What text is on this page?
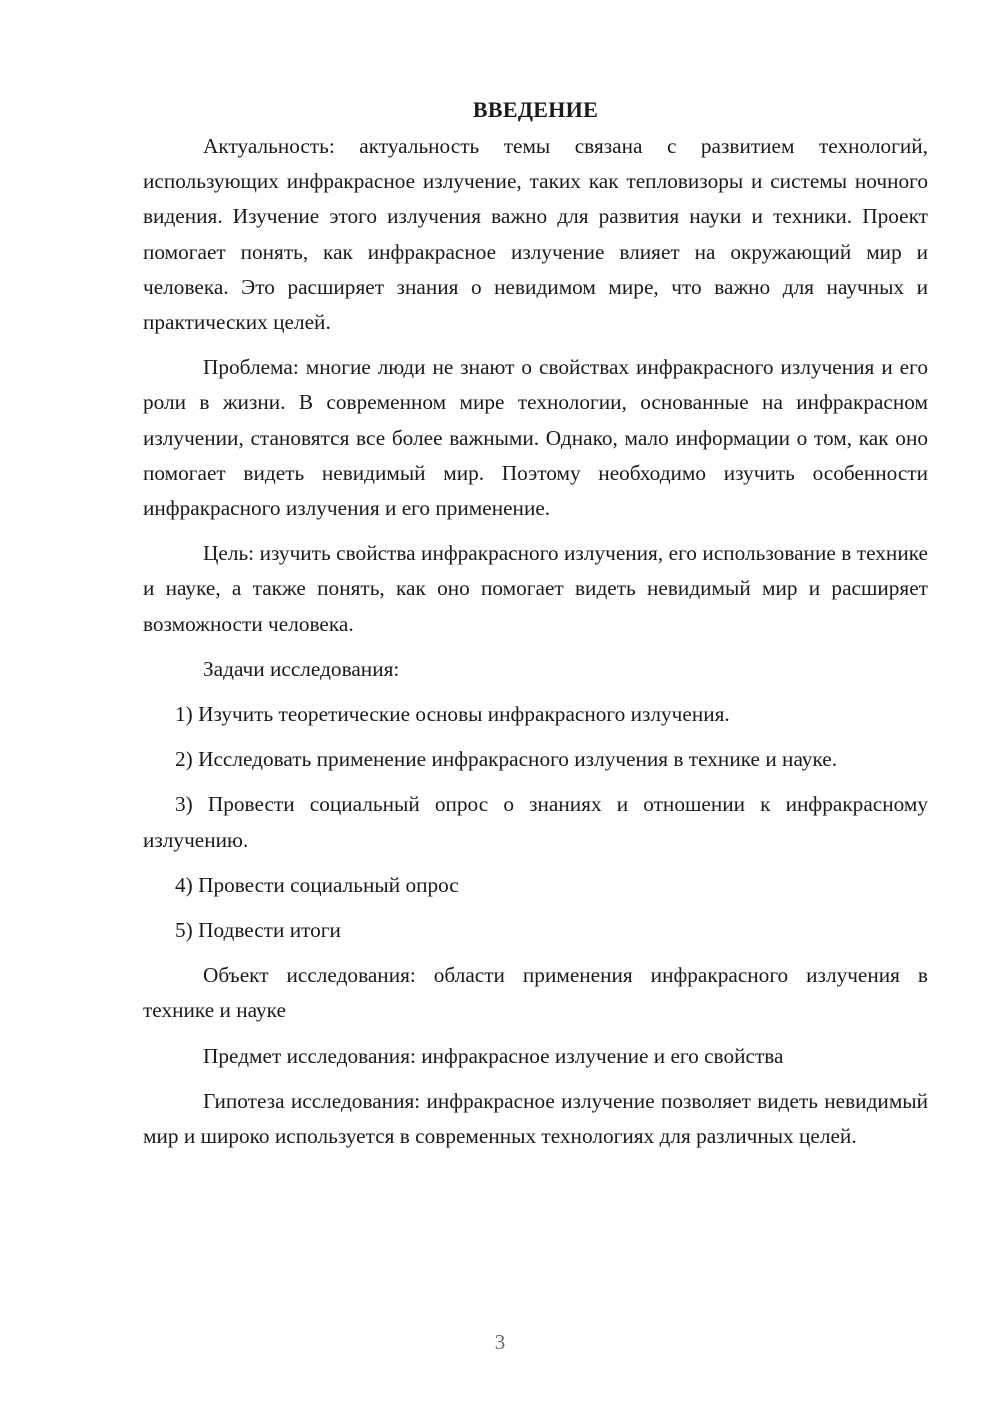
ВВЕДЕНИЕ

Актуальность: актуальность темы связана с развитием технологий, использующих инфракрасное излучение, таких как тепловизоры и системы ночного видения. Изучение этого излучения важно для развития науки и техники. Проект помогает понять, как инфракрасное излучение влияет на окружающий мир и человека. Это расширяет знания о невидимом мире, что важно для научных и практических целей.

Проблема: многие люди не знают о свойствах инфракрасного излучения и его роли в жизни. В современном мире технологии, основанные на инфракрасном излучении, становятся все более важными. Однако, мало информации о том, как оно помогает видеть невидимый мир. Поэтому необходимо изучить особенности инфракрасного излучения и его применение.

Цель: изучить свойства инфракрасного излучения, его использование в технике и науке, а также понять, как оно помогает видеть невидимый мир и расширяет возможности человека.

Задачи исследования:

1) Изучить теоретические основы инфракрасного излучения.

2) Исследовать применение инфракрасного излучения в технике и науке.

3) Провести социальный опрос о знаниях и отношении к инфракрасному излучению.

4) Провести социальный опрос

5) Подвести итоги

Объект исследования: области применения инфракрасного излучения в технике и науке

Предмет исследования: инфракрасное излучение и его свойства

Гипотеза исследования: инфракрасное излучение позволяет видеть невидимый мир и широко используется в современных технологиях для различных целей.

3
